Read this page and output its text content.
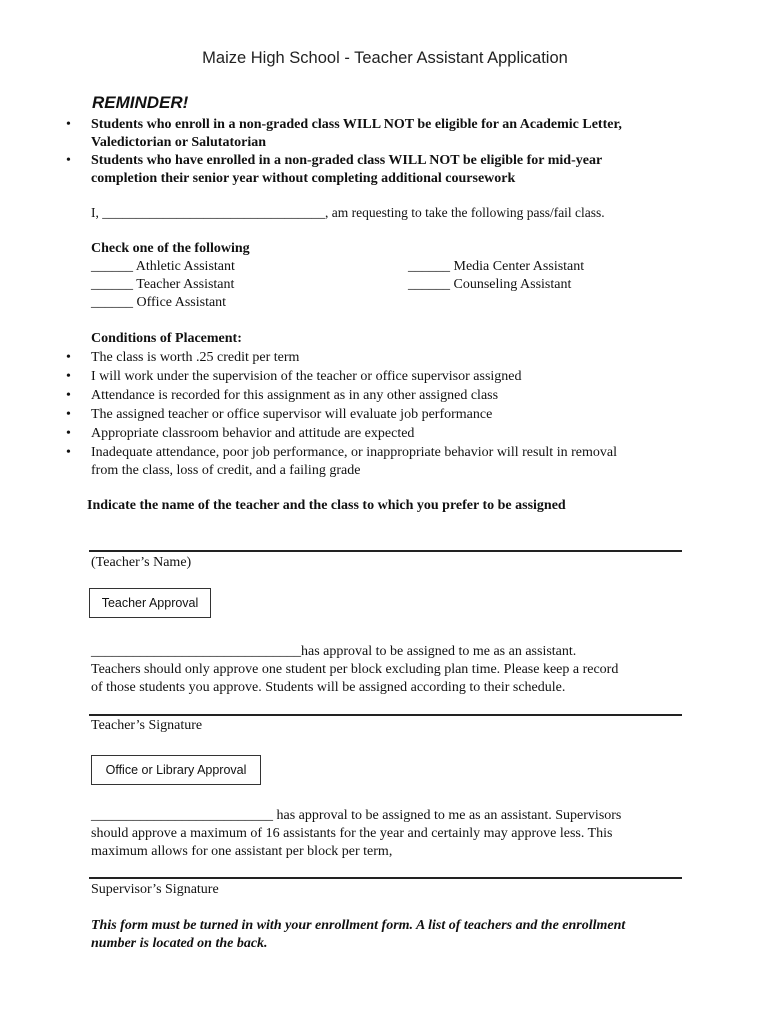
Maize High School - Teacher Assistant Application
REMINDER!
• Students who enroll in a non-graded class WILL NOT be eligible for an Academic Letter,
Valedictorian or Salutatorian
• Students who have enrolled in a non-graded class WILL NOT be eligible for mid-year
completion their senior year without completing additional coursework
I, _________________________________, am requesting to take the following pass/fail class.
Check one of the following
______ Athletic Assistant
______ Teacher Assistant
______ Office Assistant
______ Media Center Assistant
______ Counseling Assistant
Conditions of Placement:
• The class is worth .25 credit per term
• I will work under the supervision of the teacher or office supervisor assigned
• Attendance is recorded for this assignment as in any other assigned class
• The assigned teacher or office supervisor will evaluate job performance
• Appropriate classroom behavior and attitude are expected
• Inadequate attendance, poor job performance, or inappropriate behavior will result in removal
from the class, loss of credit, and a failing grade
Indicate the name of the teacher and the class to which you prefer to be assigned
(Teacher’s Name)
Teacher Approval
______________________________has approval to be assigned to me as an assistant.
Teachers should only approve one student per block excluding plan time. Please keep a record
of those students you approve. Students will be assigned according to their schedule.
Teacher’s Signature
Office or Library Approval
__________________________ has approval to be assigned to me as an assistant. Supervisors
should approve a maximum of 16 assistants for the year and certainly may approve less. This
maximum allows for one assistant per block per term,
Supervisor’s Signature
This form must be turned in with your enrollment form. A list of teachers and the enrollment
number is located on the back.
